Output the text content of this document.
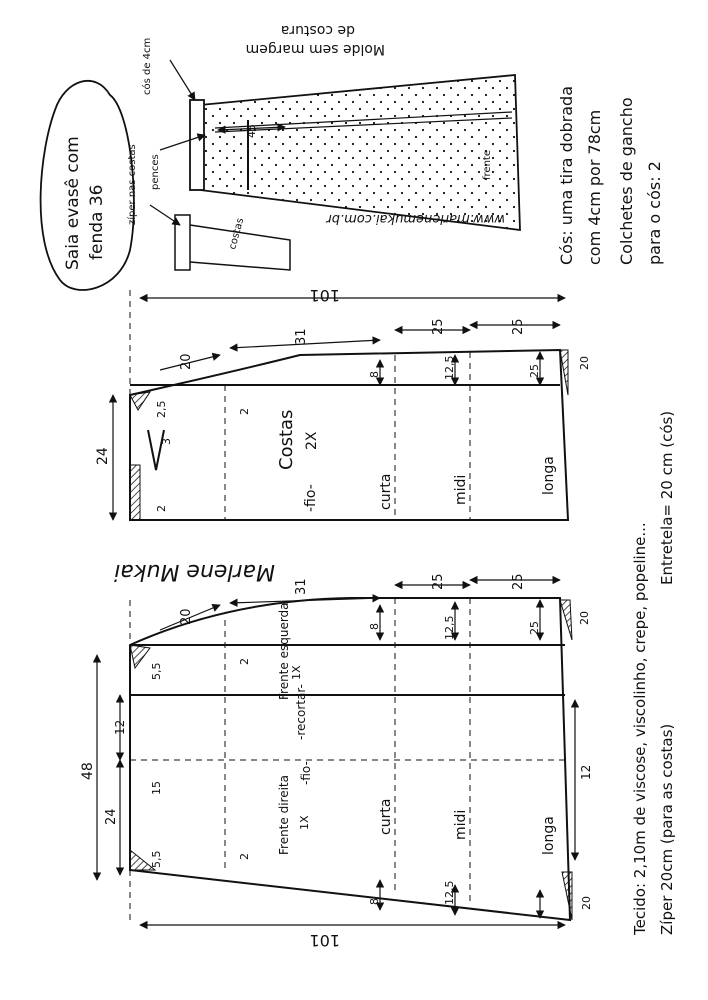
www.marlenemukai.com.br
Molde sem margem
de costura
45
cós de 4cm
zíper nas costas pences
costas
frente
Saia evasê com fenda 36	Cós: uma tira dobrada com 4cm por 78cm Colchetes de gancho para o cós: 2
101
24	Costas 2X
-fio-
20
31
25	25
8	12,5	25
20
2,5	2
3
2	curta	midi	longa
Marlene Mukai
101
48
24
12
12
15
Frente esquerda 1X
Frente direita 1X
-fio-
-recortar-
20
31	25	25
8	12,5	25
20
5,5
2
5,5	2
8	12,5	20
curta	midi	longa	Tecido: 2,10m de viscose, viscolinho, crepe, popeline... Zíper 20cm (para as costas)
Entretela= 20 cm (cós)
